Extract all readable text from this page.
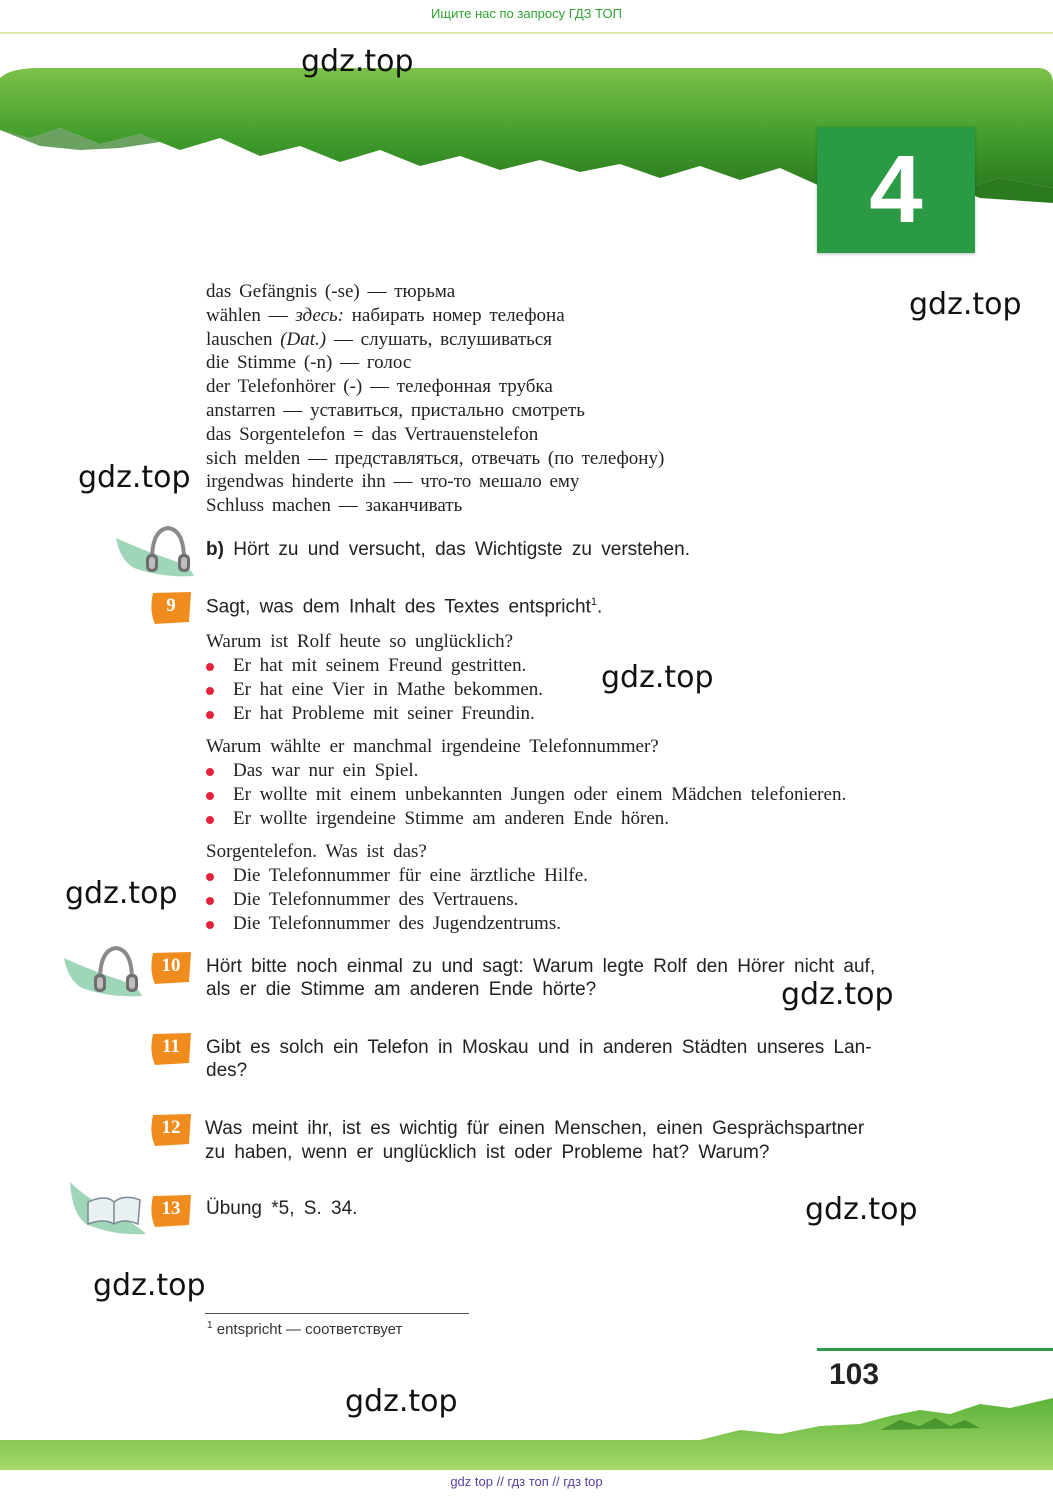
Ищите нас по запросу ГДЗ ТОП
4
gdz.top
gdz.top
gdz.top
gdz.top
gdz.top
gdz.top
gdz.top
gdz.top
gdz.top
das Gefängnis (-se) — тюрьма
wählen — здесь: набирать номер телефона
lauschen (Dat.) — слушать, вслушиваться
die Stimme (-n) — голос
der Telefonhörer (-) — телефонная трубка
anstarren — уставиться, пристально смотреть
das Sorgentelefon = das Vertrauenstelefon
sich melden — представляться, отвечать (по телефону)
irgendwas hinderte ihn — что-то мешало ему
Schluss machen — заканчивать
b) Hört zu und versucht, das Wichtigste zu verstehen.
9	Sagt, was dem Inhalt des Textes entspricht$^1$.
Warum ist Rolf heute so unglücklich?
Er hat mit seinem Freund gestritten.
Er hat eine Vier in Mathe bekommen.
Er hat Probleme mit seiner Freundin.
Warum wählte er manchmal irgendeine Telefonnummer?
Das war nur ein Spiel.
Er wollte mit einem unbekannten Jungen oder einem Mädchen telefonieren.
Er wollte irgendeine Stimme am anderen Ende hören.
Sorgentelefon. Was ist das?
Die Telefonnummer für eine ärztliche Hilfe.
Die Telefonnummer des Vertrauens.
Die Telefonnummer des Jugendzentrums.
10	Hört bitte noch einmal zu und sagt: Warum legte Rolf den Hörer nicht auf,
als er die Stimme am anderen Ende hörte?
11	Gibt es solch ein Telefon in Moskau und in anderen Städten unseres Lan-
des?
12	Was meint ihr, ist es wichtig für einen Menschen, einen Gesprächspartner
zu haben, wenn er unglücklich ist oder Probleme hat? Warum?
13	Übung *5, S. 34.
$^1$ entspricht — соответствует
103
gdz top // гдз топ // гдз top
